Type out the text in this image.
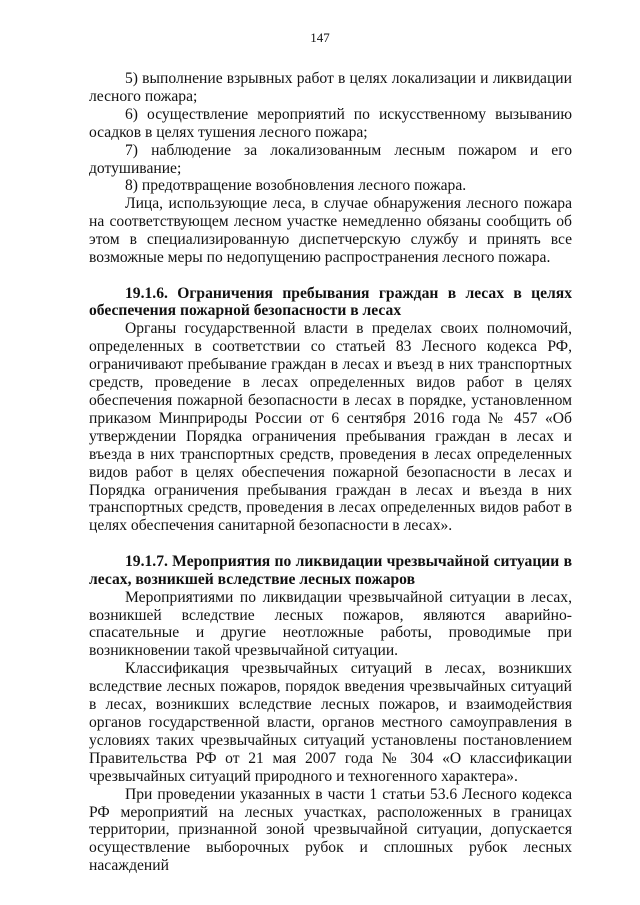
147

5) выполнение взрывных работ в целях локализации и ликвидации лесного пожара;

6) осуществление мероприятий по искусственному вызыванию осадков в целях тушения лесного пожара;

7) наблюдение за локализованным лесным пожаром и его дотушивание;

8) предотвращение возобновления лесного пожара.

Лица, использующие леса, в случае обнаружения лесного пожара на соответствующем лесном участке немедленно обязаны сообщить об этом в специализированную диспетчерскую службу и принять все возможные меры по недопущению распространения лесного пожара.

19.1.6. Ограничения пребывания граждан в лесах в целях обеспечения пожарной безопасности в лесах

Органы государственной власти в пределах своих полномочий, определенных в соответствии со статьей 83 Лесного кодекса РФ, ограничивают пребывание граждан в лесах и въезд в них транспортных средств, проведение в лесах определенных видов работ в целях обеспечения пожарной безопасности в лесах в порядке, установленном приказом Минприроды России от 6 сентября 2016 года № 457 «Об утверждении Порядка ограничения пребывания граждан в лесах и въезда в них транспортных средств, проведения в лесах определенных видов работ в целях обеспечения пожарной безопасности в лесах и Порядка ограничения пребывания граждан в лесах и въезда в них транспортных средств, проведения в лесах определенных видов работ в целях обеспечения санитарной безопасности в лесах».

19.1.7. Мероприятия по ликвидации чрезвычайной ситуации в лесах, возникшей вследствие лесных пожаров

Мероприятиями по ликвидации чрезвычайной ситуации в лесах, возникшей вследствие лесных пожаров, являются аварийно-спасательные и другие неотложные работы, проводимые при возникновении такой чрезвычайной ситуации.

Классификация чрезвычайных ситуаций в лесах, возникших вследствие лесных пожаров, порядок введения чрезвычайных ситуаций в лесах, возникших вследствие лесных пожаров, и взаимодействия органов государственной власти, органов местного самоуправления в условиях таких чрезвычайных ситуаций установлены постановлением Правительства РФ от 21 мая 2007 года № 304 «О классификации чрезвычайных ситуаций природного и техногенного характера».

При проведении указанных в части 1 статьи 53.6 Лесного кодекса РФ мероприятий на лесных участках, расположенных в границах территории, признанной зоной чрезвычайной ситуации, допускается осуществление выборочных рубок и сплошных рубок лесных насаждений
